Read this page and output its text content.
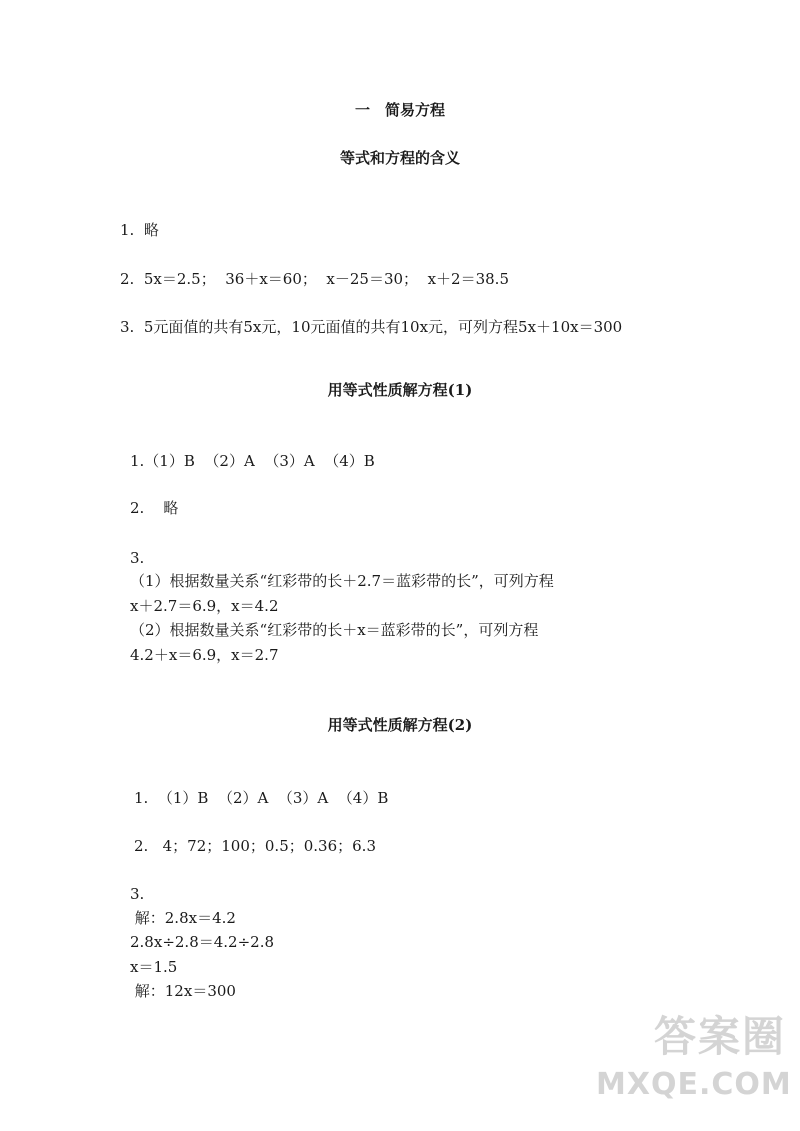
一　简易方程
等式和方程的含义
1.  略
2.  5x＝2.5；  36＋x＝60；  x－25＝30；  x＋2＝38.5
3.  5元面值的共有5x元，10元面值的共有10x元，可列方程5x＋10x＝300
用等式性质解方程(1)
1.（1）B  （2）A  （3）A  （4）B
2.    略
3.
（1）根据数量关系“红彩带的长＋2.7＝蓝彩带的长”，可列方程
x＋2.7＝6.9，x＝4.2
（2）根据数量关系“红彩带的长＋x＝蓝彩带的长”，可列方程
4.2＋x＝6.9，x＝2.7
用等式性质解方程(2)
1.  （1）B  （2）A  （3）A  （4）B
2.   4；72；100；0.5；0.36；6.3
3.
解：2.8x＝4.2
2.8x÷2.8＝4.2÷2.8
x＝1.5
解：12x＝300
答案圈
MXQE.COM
